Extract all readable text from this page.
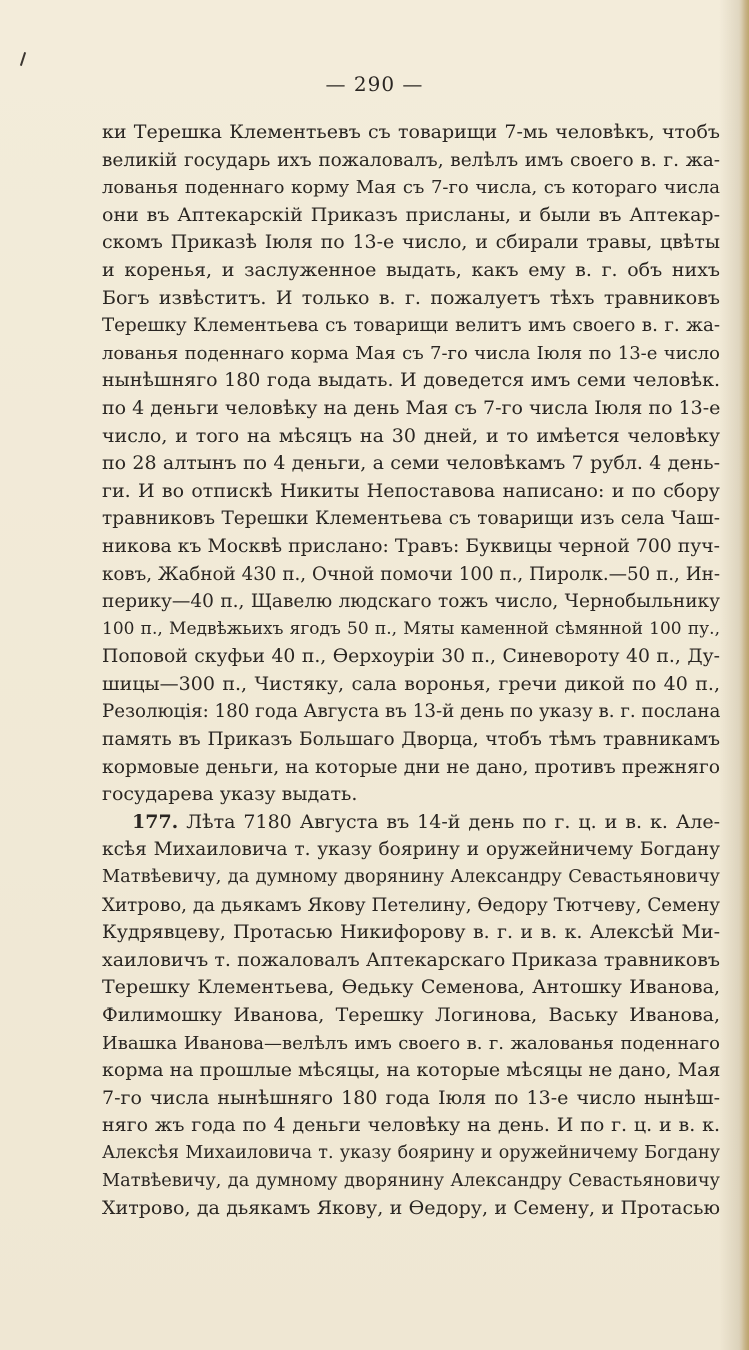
— 290 —
ки Терешка Клементьевъ съ товарищи 7-мь человѣкъ, чтобъ
великій государь ихъ пожаловалъ, велѣлъ имъ своего в. г. жа-
лованья поденнаго корму Мая съ 7-го числа, съ котораго числа
они въ Аптекарскій Приказъ присланы, и были въ Аптекар-
скомъ Приказѣ Іюля по 13-е число, и сбирали травы, цвѣты
и коренья, и заслуженное выдать, какъ ему в. г. объ нихъ
Богъ извѣститъ. И только в. г. пожалуетъ тѣхъ травниковъ
Терешку Клементьева съ товарищи велитъ имъ своего в. г. жа-
лованья поденнаго корма Мая съ 7-го числа Іюля по 13-е число
нынѣшняго 180 года выдать. И доведется имъ семи человѣк.
по 4 деньги человѣку на день Мая съ 7-го числа Іюля по 13-е
число, и того на мѣсяцъ на 30 дней, и то имѣется человѣку
по 28 алтынъ по 4 деньги, а семи человѣкамъ 7 рубл. 4 день-
ги. И во отпискѣ Никиты Непоставова написано: и по сбору
травниковъ Терешки Клементьева съ товарищи изъ села Чаш-
никова къ Москвѣ прислано: Травъ: Буквицы черной 700 пуч-
ковъ, Жабной 430 п., Очной помочи 100 п., Пиролк.—50 п., Ин-
перику—40 п., Щавелю людскаго тожъ число, Чернобыльнику
100 п., Медвѣжьихъ ягодъ 50 п., Мяты каменной сѣмянной 100 пу.,
Поповой скуфьи 40 п., Ѳерхоуріи 30 п., Синевороту 40 п., Ду-
шицы—300 п., Чистяку, сала воронья, гречи дикой по 40 п.,
Резолюція: 180 года Августа въ 13-й день по указу в. г. послана
память въ Приказъ Большаго Дворца, чтобъ тѣмъ травникамъ
кормовые деньги, на которые дни не дано, противъ прежняго
государева указу выдать.
177. Лѣта 7180 Августа въ 14-й день по г. ц. и в. к. Але-
ксѣя Михаиловича т. указу боярину и оружейничему Богдану
Матвѣевичу, да думному дворянину Александру Севастьяновичу
Хитрово, да дьякамъ Якову Петелину, Ѳедору Тютчеву, Семену
Кудрявцеву, Протасью Никифорову в. г. и в. к. Алексѣй Ми-
хаиловичъ т. пожаловалъ Аптекарскаго Приказа травниковъ
Терешку Клементьева, Ѳедьку Семенова, Антошку Иванова,
Филимошку Иванова, Терешку Логинова, Ваську Иванова,
Ивашка Иванова—велѣлъ имъ своего в. г. жалованья поденнаго
корма на прошлые мѣсяцы, на которые мѣсяцы не дано, Мая
7-го числа нынѣшняго 180 года Іюля по 13-е число нынѣш-
няго жъ года по 4 деньги человѣку на день. И по г. ц. и в. к.
Алексѣя Михаиловича т. указу боярину и оружейничему Богдану
Матвѣевичу, да думному дворянину Александру Севастьяновичу
Хитрово, да дьякамъ Якову, и Ѳедору, и Семену, и Протасью
